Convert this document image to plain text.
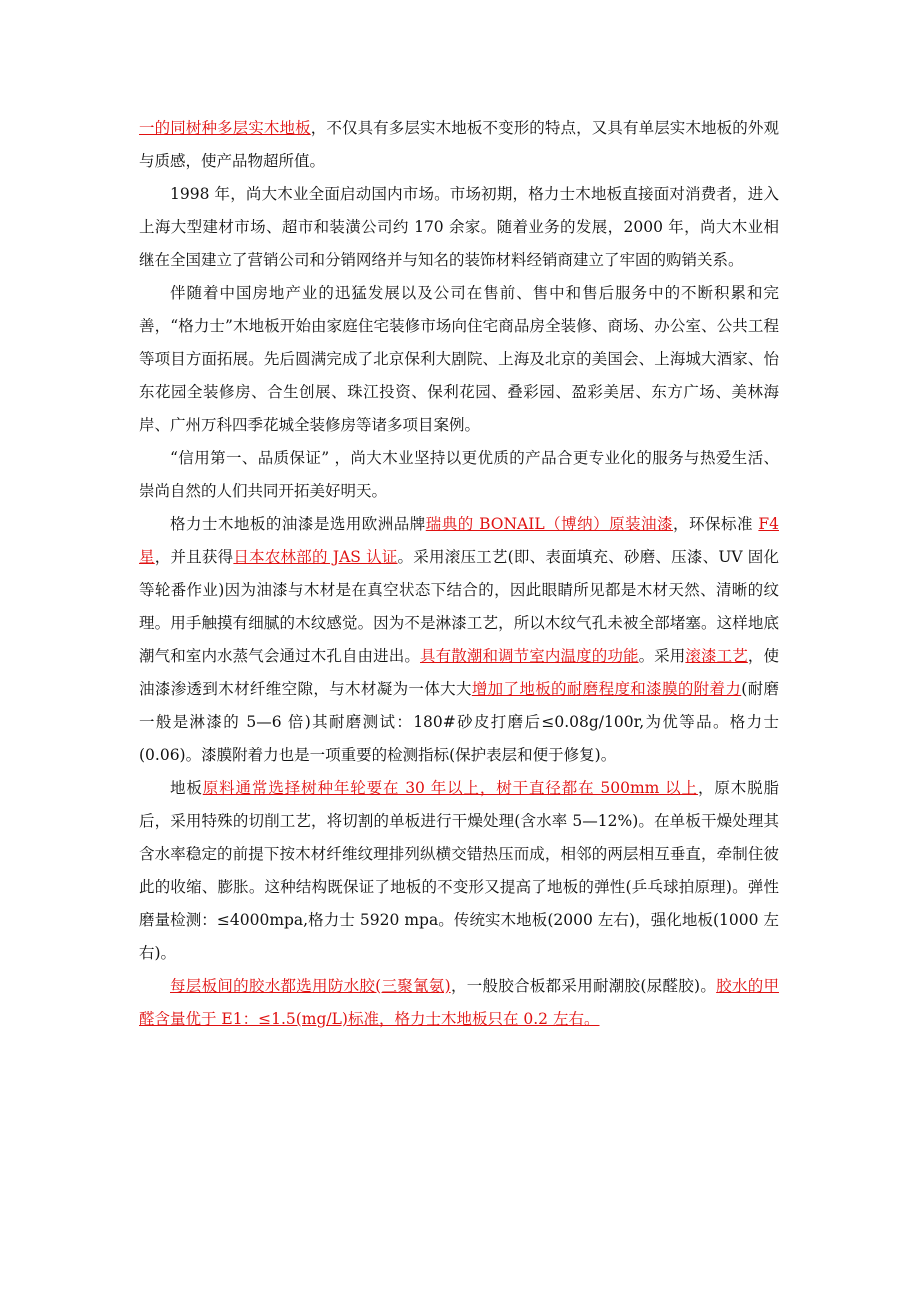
一的同树种多层实木地板，不仅具有多层实木地板不变形的特点，又具有单层实木地板的外观与质感，使产品物超所值。

1998 年，尚大木业全面启动国内市场。市场初期，格力士木地板直接面对消费者，进入上海大型建材市场、超市和装潢公司约 170 余家。随着业务的发展，2000 年，尚大木业相继在全国建立了营销公司和分销网络并与知名的装饰材料经销商建立了牢固的购销关系。

伴随着中国房地产业的迅猛发展以及公司在售前、售中和售后服务中的不断积累和完善，“格力士”木地板开始由家庭住宅装修市场向住宅商品房全装修、商场、办公室、公共工程等项目方面拓展。先后圆满完成了北京保利大剧院、上海及北京的美国会、上海城大酒家、怡东花园全装修房、合生创展、珠江投资、保利花园、叠彩园、盈彩美居、东方广场、美林海岸、广州万科四季花城全装修房等诸多项目案例。

“信用第一、品质保证” ，尚大木业坚持以更优质的产品合更专业化的服务与热爱生活、崇尚自然的人们共同开拓美好明天。

格力士木地板的油漆是选用欧洲品牌瑞典的 BONAIL（博纳）原装油漆，环保标准 F4 星，并且获得日本农林部的 JAS 认证。采用滚压工艺(即、表面填充、砂磨、压漆、UV 固化等轮番作业)因为油漆与木材是在真空状态下结合的，因此眼睛所见都是木材天然、清晰的纹理。用手触摸有细腻的木纹感觉。因为不是淋漆工艺，所以木纹气孔未被全部堵塞。这样地底潮气和室内水蒸气会通过木孔自由进出。具有散潮和调节室内温度的功能。采用滚漆工艺，使油漆渗透到木材纤维空隙，与木材凝为一体大大增加了地板的耐磨程度和漆膜的附着力(耐磨一般是淋漆的 5—6 倍)其耐磨测试：180#砂皮打磨后≤0.08g/100r,为优等品。格力士(0.06)。漆膜附着力也是一项重要的检测指标(保护表层和便于修复)。

地板原料通常选择树种年轮要在 30 年以上，树干直径都在 500mm 以上，原木脱脂后，采用特殊的切削工艺，将切割的单板进行干燥处理(含水率 5—12%)。在单板干燥处理其含水率稳定的前提下按木材纤维纹理排列纵横交错热压而成，相邻的两层相互垂直，牵制住彼此的收缩、膨胀。这种结构既保证了地板的不变形又提高了地板的弹性(乒乓球拍原理)。弹性磨量检测：≤4000mpa,格力士 5920 mpa。传统实木地板(2000 左右)，强化地板(1000 左右)。

每层板间的胶水都选用防水胶(三聚氰氨)，一般胶合板都采用耐潮胶(尿醛胶)。胶水的甲醛含量优于 E1：≤1.5(mg/L)标准，格力士木地板只在 0.2 左右。
